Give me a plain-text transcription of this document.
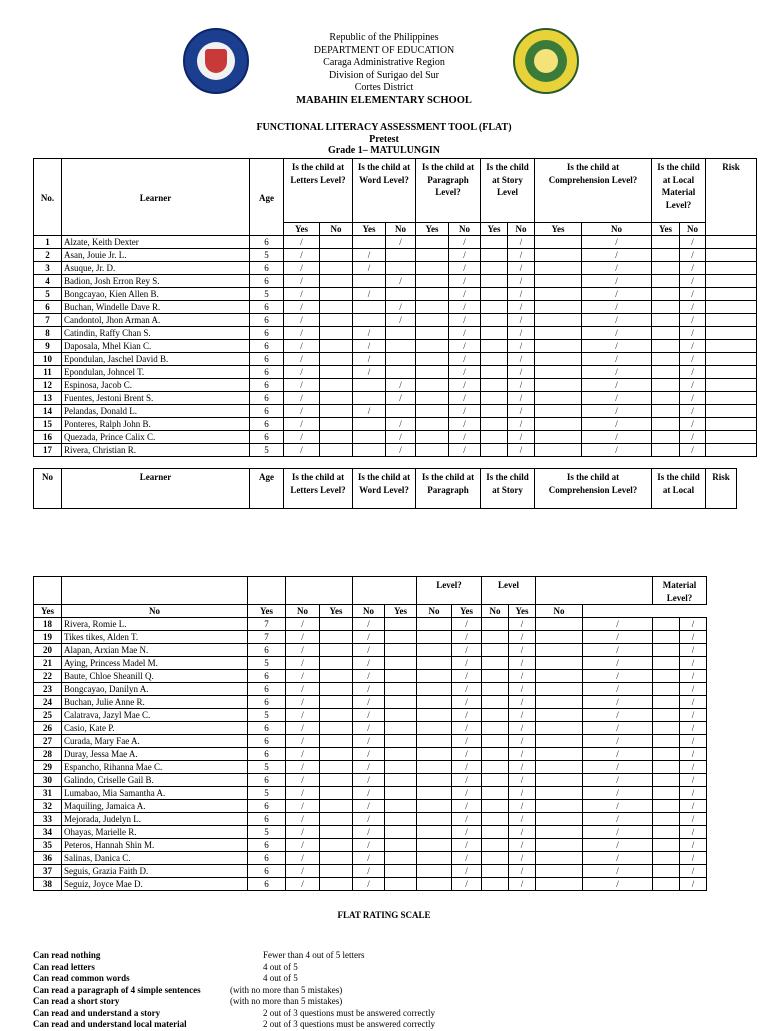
Republic of the Philippines
DEPARTMENT OF EDUCATION
Caraga Administrative Region
Division of Surigao del Sur
Cortes District
MABAHIN ELEMENTARY SCHOOL
FUNCTIONAL LITERACY ASSESSMENT TOOL (FLAT)
Pretest
Grade 1– MATULUNGIN
No.	Learner	Age	Is the child at Letters Level?		Is the child at Word Level?		Is the child at Paragraph Level?		Is the child at Story Level		Is the child at Comprehension Level?		Is the child at Local Material Level?		Risk
			Yes	No	Yes	No	Yes	No	Yes	No	Yes	No	Yes	No	
1	Alzate, Keith Dexter	6	/			/		/		/		/		/	
2	Asan, Jouie Jr. L.	5	/		/			/		/		/		/	
3	Asuque, Jr. D.	6	/		/			/		/		/		/	
4	Badion, Josh Erron Rey S.	6	/			/		/		/		/		/	
5	Bongcayao, Kien Allen B.	5	/		/			/		/		/		/	
6	Buchan, Windelle Dave R.	6	/			/		/		/		/		/	
7	Candontol, Jhon Arman A.	6	/			/		/		/		/		/	
8	Catindin, Raffy Chan S.	6	/		/			/		/		/		/	
9	Daposala, Mhel Kian C.	6	/		/			/		/		/		/	
10	Epondulan, Jaschel David B.	6	/		/			/		/		/		/	
11	Epondulan, Johncel T.	6	/		/			/		/		/		/	
12	Espinosa, Jacob C.	6	/			/		/		/		/		/	
13	Fuentes, Jestoni Brent S.	6	/			/		/		/		/		/	
14	Pelandas, Donald L.	6	/		/			/		/		/		/	
15	Ponteres, Ralph John B.	6	/			/		/		/		/		/	
16	Quezada, Prince Calix C.	6	/			/		/		/		/		/	
17	Rivera, Christian R.	5	/			/		/		/		/		/	
No	Learner	Age	Is the child at Letters Level?	Is the child at Word Level?	Is the child at Paragraph	Is the child at Story	Is the child at Comprehension Level?	Is the child at Local	Risk
							Level?		Level				Material Level?	
Yes	No	Yes	No	Yes	No	Yes	No	Yes	No	Yes	No			
18	Rivera, Romie L.	7	/		/			/		/		/		/
19	Tikes tikes, Alden T.	7	/		/			/		/		/		/
20	Alapan, Arxian Mae N.	6	/		/			/		/		/		/
21	Aying, Princess Madel M.	5	/		/			/		/		/		/
22	Baute, Chloe Sheanill Q.	6	/		/			/		/		/		/
23	Bongcayao, Danilyn A.	6	/		/			/		/		/		/
24	Buchan, Julie Anne R.	6	/		/			/		/		/		/
25	Calatrava, Jazyl Mae C.	5	/		/			/		/		/		/
26	Casio, Kate P.	6	/		/			/		/		/		/
27	Curada, Mary Fae A.	6	/		/			/		/		/		/
28	Duray, Jessa Mae A.	6	/		/			/		/		/		/
29	Espancho, Rihanna Mae C.	5	/		/			/		/		/		/
30	Galindo, Criselle Gail B.	6	/		/			/		/		/		/
31	Lumabao, Mia Samantha A.	5	/		/			/		/		/		/
32	Maquiling, Jamaica A.	6	/		/			/		/		/		/
33	Mejorada, Judelyn L.	6	/		/			/		/		/		/
34	Ohayas, Marielle R.	5	/		/			/		/		/		/
35	Peteros, Hannah Shin M.	6	/		/			/		/		/		/
36	Salinas, Danica C.	6	/		/			/		/		/		/
37	Seguis, Grazia Faith D.	6	/		/			/		/		/		/
38	Seguiz, Joyce Mae D.	6	/		/			/		/		/		/
FLAT RATING SCALE
Can read nothing	Fewer than 4 out of 5 letters
Can read letters	4 out of 5
Can read common words	4 out of 5
Can read a paragraph of 4 simple sentences	(with no more than 5 mistakes)
Can read a short story	(with no more than 5 mistakes)
Can read and understand a story	2 out of 3 questions must be answered correctly
Can read and understand local material	2 out of 3 questions must be answered correctly
